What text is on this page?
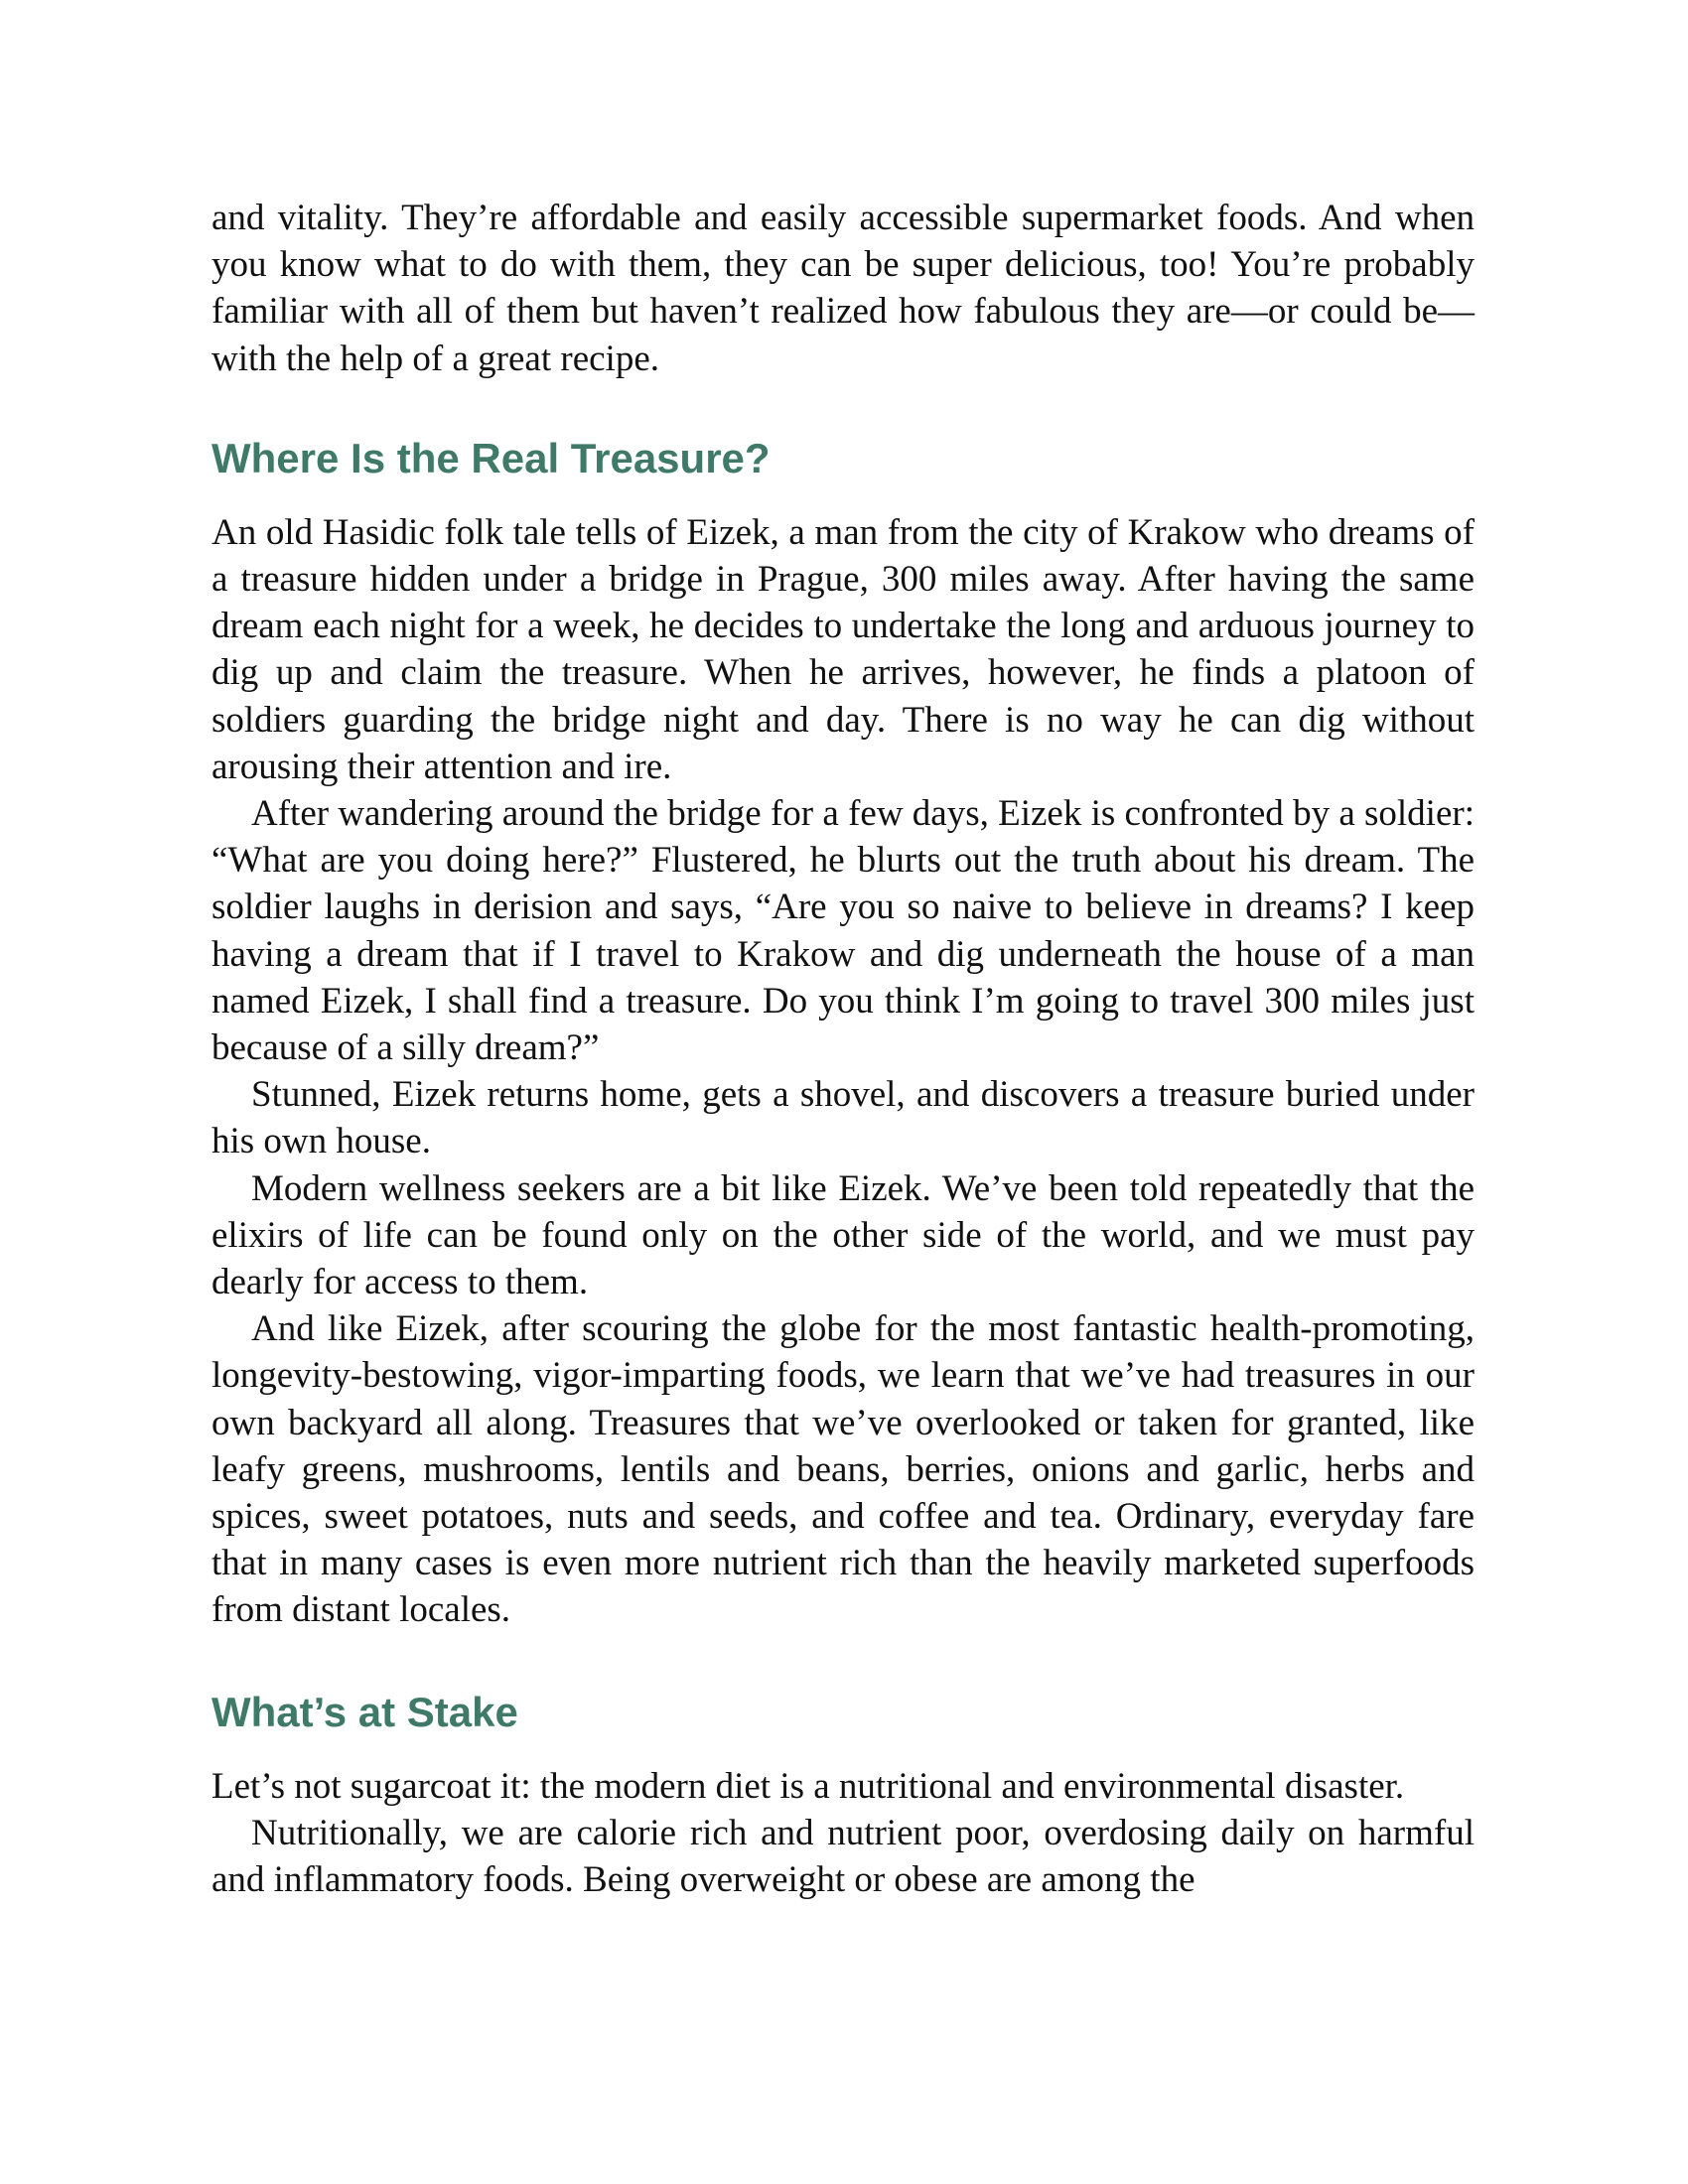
and vitality. They’re affordable and easily accessible supermarket foods. And when you know what to do with them, they can be super delicious, too! You’re probably familiar with all of them but haven’t realized how fabulous they are—or could be—with the help of a great recipe.

Where Is the Real Treasure?

An old Hasidic folk tale tells of Eizek, a man from the city of Krakow who dreams of a treasure hidden under a bridge in Prague, 300 miles away. After having the same dream each night for a week, he decides to undertake the long and arduous journey to dig up and claim the treasure. When he arrives, however, he finds a platoon of soldiers guarding the bridge night and day. There is no way he can dig without arousing their attention and ire.

After wandering around the bridge for a few days, Eizek is confronted by a soldier: “What are you doing here?” Flustered, he blurts out the truth about his dream. The soldier laughs in derision and says, “Are you so naive to believe in dreams? I keep having a dream that if I travel to Krakow and dig underneath the house of a man named Eizek, I shall find a treasure. Do you think I’m going to travel 300 miles just because of a silly dream?”

Stunned, Eizek returns home, gets a shovel, and discovers a treasure buried under his own house.

Modern wellness seekers are a bit like Eizek. We’ve been told repeatedly that the elixirs of life can be found only on the other side of the world, and we must pay dearly for access to them.

And like Eizek, after scouring the globe for the most fantastic health-promoting, longevity-bestowing, vigor-imparting foods, we learn that we’ve had treasures in our own backyard all along. Treasures that we’ve overlooked or taken for granted, like leafy greens, mushrooms, lentils and beans, berries, onions and garlic, herbs and spices, sweet potatoes, nuts and seeds, and coffee and tea. Ordinary, everyday fare that in many cases is even more nutrient rich than the heavily marketed superfoods from distant locales.

What’s at Stake

Let’s not sugarcoat it: the modern diet is a nutritional and environmental disaster.

Nutritionally, we are calorie rich and nutrient poor, overdosing daily on harmful and inflammatory foods. Being overweight or obese are among the
